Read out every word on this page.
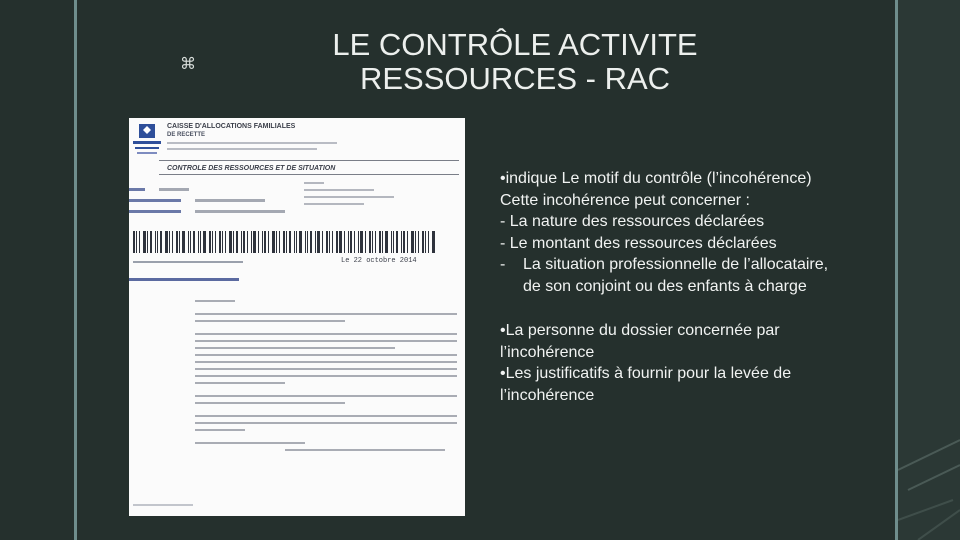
⌘
LE CONTRÔLE ACTIVITE
RESSOURCES - RAC
CAISSE D'ALLOCATIONS FAMILIALES
DE RECETTE
CONTROLE DES RESSOURCES ET DE SITUATION
Le 22 octobre 2014

•indique Le motif du contrôle (l’incohérence)

Cette incohérence peut concerner :

- La nature des ressources déclarées

- Le montant des ressources déclarées

-	La situation professionnelle de l’allocataire, de son conjoint ou des enfants à charge

•La personne du dossier concernée par l’incohérence

•Les justificatifs à fournir pour la levée de l’incohérence
